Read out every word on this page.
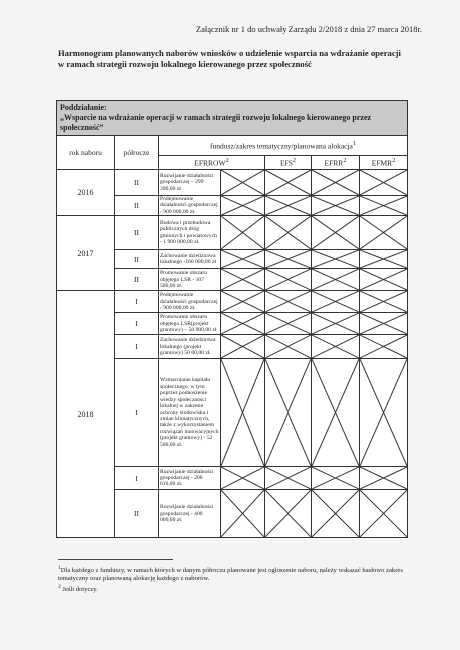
Załącznik nr 1 do uchwały Zarządu 2/2018 z dnia 27 marca 2018r.
Harmonogram planowanych naborów wniosków o udzielenie wsparcia na wdrażanie operacji w ramach strategii rozwoju lokalnego kierowanego przez społeczność
Poddziałanie:
„Wsparcie na wdrażanie operacji w ramach strategii rozwoju lokalnego kierowanego przez społeczność”						
rok naboru	półrocze	fundusz/zakres tematyczny/planowana alokacja$^1$
		EFRROW$^2$		EFS$^2$	EFRR$^2$	EFMR$^2$
2016	II	Rozwijanie działalności gospodarczej – 299 390,00 zł	

	II	Podejmowanie działalności gospodarczej - 900 000,00 zł.	

2017	II	Budowa i przebudowa publicznych dróg gminnych i powiatowych - 1 900 000,00 zł.	

	II	Zachowanie dziedzictwa lokalnego -160 000,00 zł	

	II	Promowanie obszaru objętego LSR - 107 500,00 zł.	

2018	I	Podejmowanie działalności gospodarczej - 900 000,00 zł.	

	I	Promowanie obszaru objętego LSR(projekt grantowy) – 50 000,00 zł	

	I	Zachowanie dziedzictwa lokalnego (projekt grantowy) 50 00,00 zł.	

	I	Wzmacnianie kapitału społecznego, w tym poprzez podnoszenie wiedzy społeczności lokalnej w zakresie ochrony środowiska i zmian klimatycznych, także z wykorzystaniem rozwiązań innowacyjnych (projekt grantowy) - 52 500,00 zł.	

	I	Rozwijanie działalności gospodarczej - 200 610,00 zł.	

	II	Rozwijanie działalności gospodarczej - 400 000,00 zł.	

$^1$Dla każdego z funduszy, w ramach których w danym półroczu planowane jest ogłoszenie naboru, należy wskazać hasłowo zakres tematyczny oraz planowaną alokację każdego z naborów.
$^2$ Jeśli dotyczy.
